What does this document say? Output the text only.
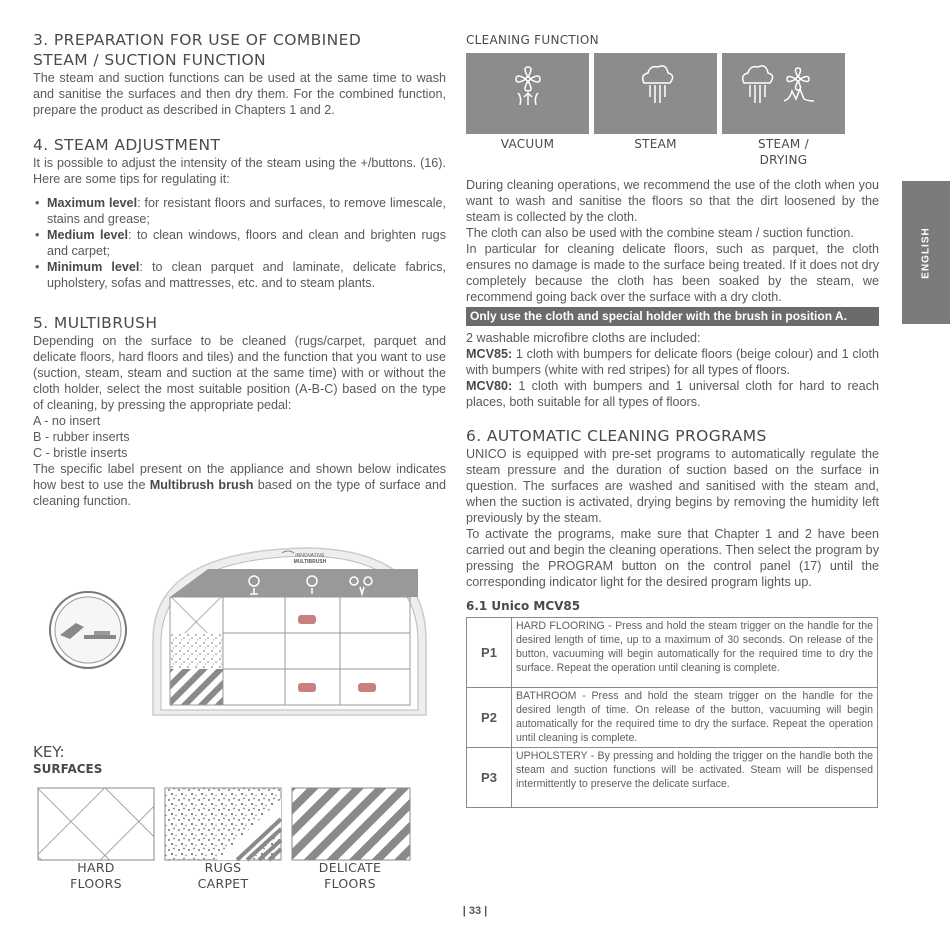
3. PREPARATION FOR USE OF COMBINED
STEAM / SUCTION FUNCTION

The steam and suction functions can be used at the same time to wash and sanitise the surfaces and then dry them. For the combined function, prepare the product as described in Chapters 1 and 2.

4. STEAM ADJUSTMENT

It is possible to adjust the intensity of the steam using the +/buttons. (16). Here are some tips for regulating it:

• Maximum level: for resistant floors and surfaces, to remove limescale, stains and grease;
• Medium level: to clean windows, floors and clean and brighten rugs and carpet;
• Minimum level: to clean parquet and laminate, delicate fabrics, upholstery, sofas and mattresses, etc. and to steam plants.
5. MULTIBRUSH

Depending on the surface to be cleaned (rugs/carpet, parquet and delicate floors, hard floors and tiles) and the function that you want to use (suction, steam, steam and suction at the same time) with or without the cloth holder, select the most suitable position (A-B-C) based on the type of cleaning, by pressing the appropriate pedal:

A - no insert

B - rubber inserts

C - bristle inserts

The specific label present on the appliance and shown below indicates how best to use the Multibrush brush based on the type of surface and cleaning function.

INNOVATIVE
MULTIBRUSH
KEY:
SURFACES
HARD
FLOORS
RUGS
CARPET
DELICATE
FLOORS

CLEANING FUNCTION

VACUUM	STEAM	STEAM /
DRYING

During cleaning operations, we recommend the use of the cloth when you want to wash and sanitise the floors so that the dirt loosened by the steam is collected by the cloth.

The cloth can also be used with the combine steam / suction function.

In particular for cleaning delicate floors, such as parquet, the cloth ensures no damage is made to the surface being treated. If it does not dry completely because the cloth has been soaked by the steam, we recommend going back over the surface with a dry cloth.

Only use the cloth and special holder with the brush in position A.

2 washable microfibre cloths are included:

MCV85: 1 cloth with bumpers for delicate floors (beige colour) and 1 cloth with bumpers (white with red stripes) for all types of floors.

MCV80: 1 cloth with bumpers and 1 universal cloth for hard to reach places, both suitable for all types of floors.

6. AUTOMATIC CLEANING PROGRAMS

UNICO is equipped with pre-set programs to automatically regulate the steam pressure and the duration of suction based on the surface in question. The surfaces are washed and sanitised with the steam and, when the suction is activated, drying begins by removing the humidity left previously by the steam.

To activate the programs, make sure that Chapter 1 and 2 have been carried out and begin the cleaning operations. Then select the program by pressing the PROGRAM button on the control panel (17) until the corresponding indicator light for the desired program lights up.

6.1 Unico MCV85

P1	HARD FLOORING - Press and hold the steam trigger on the handle for the desired length of time, up to a maximum of 30 seconds. On release of the button, vacuuming will begin automatically for the required time to dry the surface. Repeat the operation until cleaning is complete.
P2	BATHROOM - Press and hold the steam trigger on the handle for the desired length of time. On release of the button, vacuuming will begin automatically for the required time to dry the surface. Repeat the operation until cleaning is complete.
P3	UPHOLSTERY - By pressing and holding the trigger on the handle both the steam and suction functions will be activated. Steam will be dispensed intermittently to preserve the delicate surface.
ENGLISH
| 33 |
